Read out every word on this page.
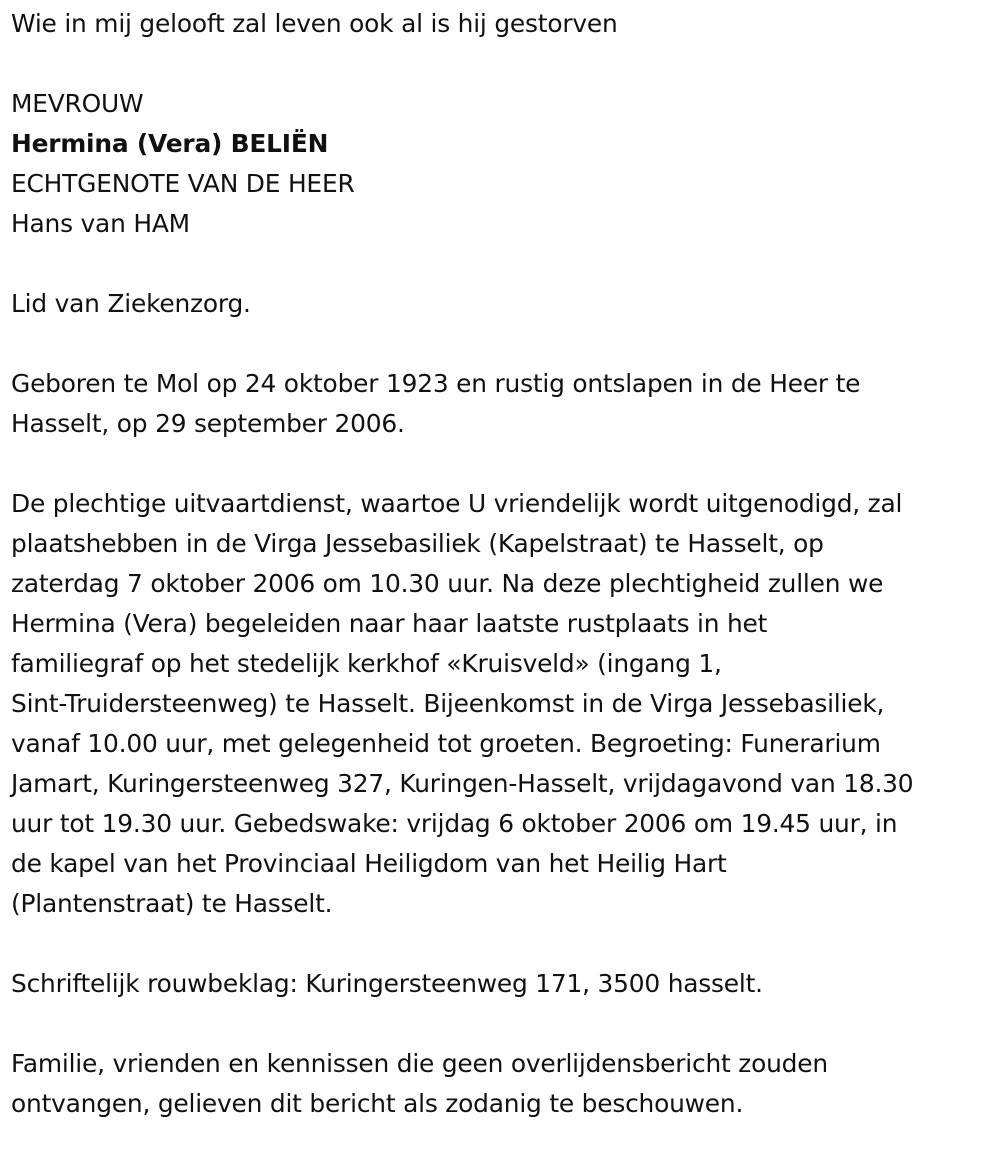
Wie in mij gelooft zal leven ook al is hij gestorven
MEVROUW
Hermina (Vera) BELIËN
ECHTGENOTE VAN DE HEER
Hans van HAM
Lid van Ziekenzorg.
Geboren te Mol op 24 oktober 1923 en rustig ontslapen in de Heer te
Hasselt, op 29 september 2006.
De plechtige uitvaartdienst, waartoe U vriendelijk wordt uitgenodigd, zal
plaatshebben in de Virga Jessebasiliek (Kapelstraat) te Hasselt, op
zaterdag 7 oktober 2006 om 10.30 uur. Na deze plechtigheid zullen we
Hermina (Vera) begeleiden naar haar laatste rustplaats in het
familiegraf op het stedelijk kerkhof «Kruisveld» (ingang 1,
Sint-Truidersteenweg) te Hasselt. Bijeenkomst in de Virga Jessebasiliek,
vanaf 10.00 uur, met gelegenheid tot groeten. Begroeting: Funerarium
Jamart, Kuringersteenweg 327, Kuringen-Hasselt, vrijdagavond van 18.30
uur tot 19.30 uur. Gebedswake: vrijdag 6 oktober 2006 om 19.45 uur, in
de kapel van het Provinciaal Heiligdom van het Heilig Hart
(Plantenstraat) te Hasselt.
Schriftelijk rouwbeklag: Kuringersteenweg 171, 3500 hasselt.
Familie, vrienden en kennissen die geen overlijdensbericht zouden
ontvangen, gelieven dit bericht als zodanig te beschouwen.
